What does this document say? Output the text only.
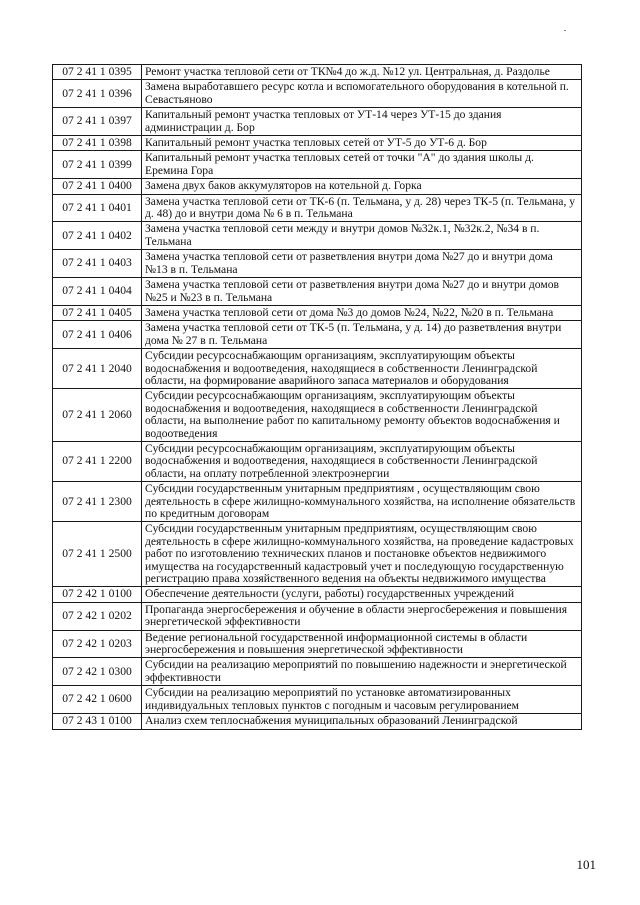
07 2 41 1 0395	Ремонт участка тепловой сети от ТК№4 до ж.д. №12 ул. Центральная, д. Раздолье
07 2 41 1 0396	Замена выработавшего ресурс котла и вспомогательного оборудования в котельной п. Севастьяново
07 2 41 1 0397	Капитальный ремонт участка тепловых от УТ-14 через УТ-15 до здания администрации д. Бор
07 2 41 1 0398	Капитальный ремонт участка тепловых сетей от УТ-5 до УТ-6 д. Бор
07 2 41 1 0399	Капитальный ремонт участка тепловых сетей от точки "А" до здания школы д. Еремина Гора
07 2 41 1 0400	Замена двух баков аккумуляторов на котельной д. Горка
07 2 41 1 0401	Замена участка тепловой сети от ТК-6 (п. Тельмана, у д. 28) через ТК-5 (п. Тельмана, у д. 48) до и внутри дома № 6 в п. Тельмана
07 2 41 1 0402	Замена участка тепловой сети между и внутри домов №32к.1, №32к.2, №34 в п. Тельмана
07 2 41 1 0403	Замена участка тепловой сети от разветвления внутри дома №27 до и внутри дома №13 в п. Тельмана
07 2 41 1 0404	Замена участка тепловой сети от разветвления внутри дома №27 до и внутри домов №25 и №23 в п. Тельмана
07 2 41 1 0405	Замена участка тепловой сети от дома №3 до домов №24, №22, №20 в п. Тельмана
07 2 41 1 0406	Замена участка тепловой сети от ТК-5 (п. Тельмана, у д. 14) до разветвления внутри дома № 27 в п. Тельмана
07 2 41 1 2040	Субсидии ресурсоснабжающим организациям, эксплуатирующим объекты водоснабжения и водоотведения, находящиеся в собственности Ленинградской области, на формирование аварийного запаса материалов и оборудования
07 2 41 1 2060	Субсидии ресурсоснабжающим организациям, эксплуатирующим объекты водоснабжения и водоотведения, находящиеся в собственности Ленинградской области, на выполнение работ по капитальному ремонту объектов водоснабжения и водоотведения
07 2 41 1 2200	Субсидии ресурсоснабжающим организациям, эксплуатирующим объекты водоснабжения и водоотведения, находящиеся в собственности Ленинградской области, на оплату потребленной электроэнергии
07 2 41 1 2300	Субсидии государственным унитарным предприятиям , осуществляющим свою деятельность в сфере жилищно-коммунального хозяйства, на исполнение обязательств по кредитным договорам
07 2 41 1 2500	Субсидии государственным унитарным предприятиям, осуществляющим свою деятельность в сфере жилищно-коммунального хозяйства, на проведение кадастровых работ по изготовлению технических планов и постановке объектов недвижимого имущества на государственный кадастровый учет и последующую государственную регистрацию права хозяйственного ведения на объекты недвижимого имущества
07 2 42 1 0100	Обеспечение деятельности (услуги, работы) государственных учреждений
07 2 42 1 0202	Пропаганда энергосбережения и обучение в области энергосбережения и повышения энергетической эффективности
07 2 42 1 0203	Ведение региональной государственной информационной системы в области энергосбережения и повышения энергетической эффективности
07 2 42 1 0300	Субсидии на реализацию мероприятий по повышению надежности и энергетической эффективности
07 2 42 1 0600	Субсидии на реализацию мероприятий по установке автоматизированных индивидуальных тепловых пунктов с погодным и часовым регулированием
07 2 43 1 0100	Анализ схем теплоснабжения муниципальных образований Ленинградской
101
